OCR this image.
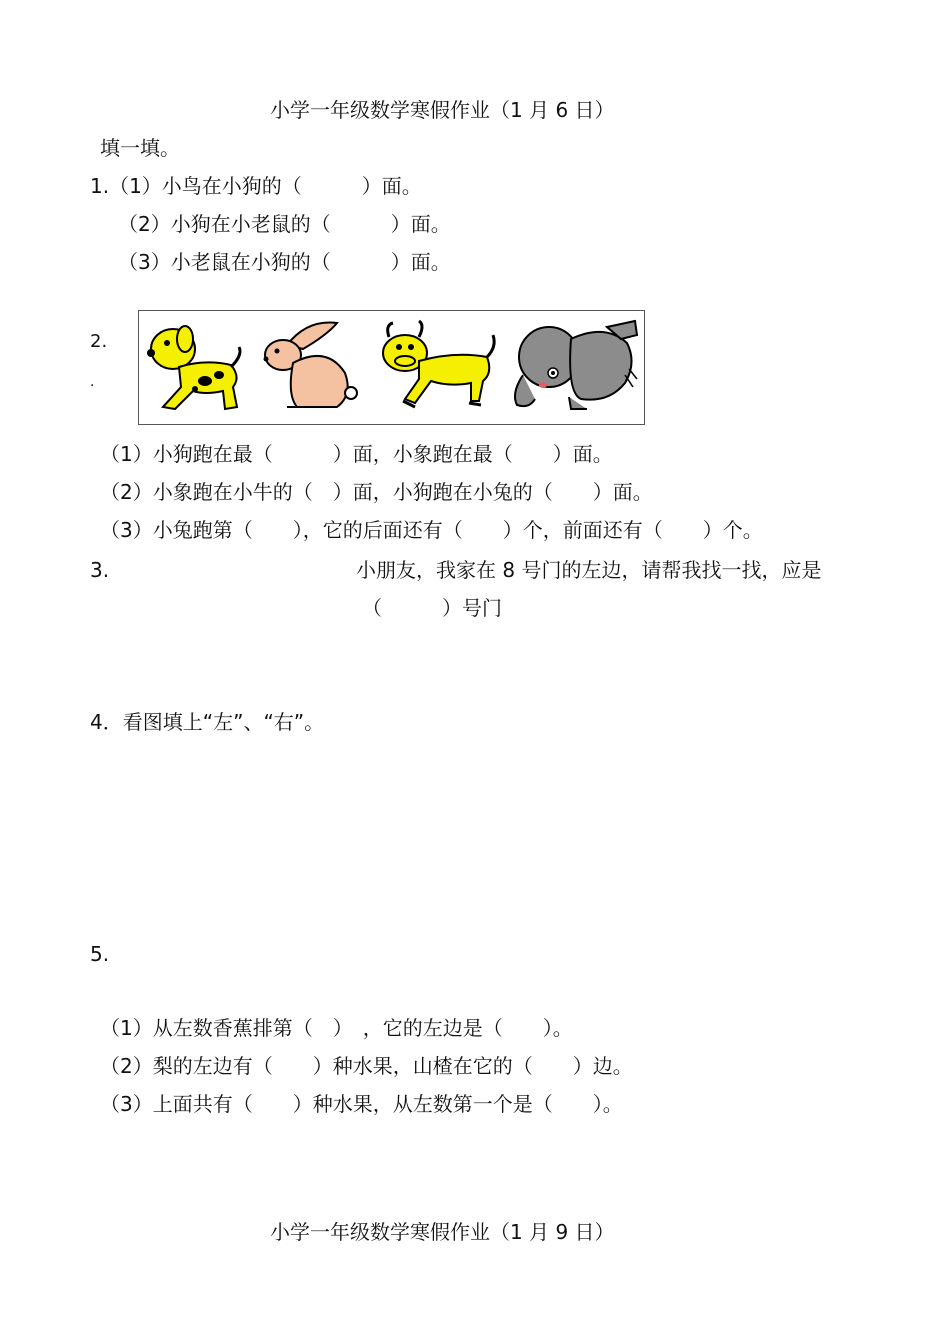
小学一年级数学寒假作业（1 月 6 日）
填一填。
1.（1）小鸟在小狗的（　　　）面。
（2）小狗在小老鼠的（　　　）面。
（3）小老鼠在小狗的（　　　）面。
2.
.
（1）小狗跑在最（　　　）面，小象跑在最（　　）面。
（2）小象跑在小牛的（　）面，小狗跑在小兔的（　　）面。
（3）小兔跑第（　　），它的后面还有（　　）个，前面还有（　　）个。
3.	小朋友，我家在 8 号门的左边，请帮我找一找，应是
（　　　）号门
4．看图填上“左”、“右”。
5.
（1）从左数香蕉排第（　）　，它的左边是（　　）。
（2）梨的左边有（　　）种水果，山楂在它的（　　）边。
（3）上面共有（　　）种水果，从左数第一个是（　　）。
小学一年级数学寒假作业（1 月 9 日）
